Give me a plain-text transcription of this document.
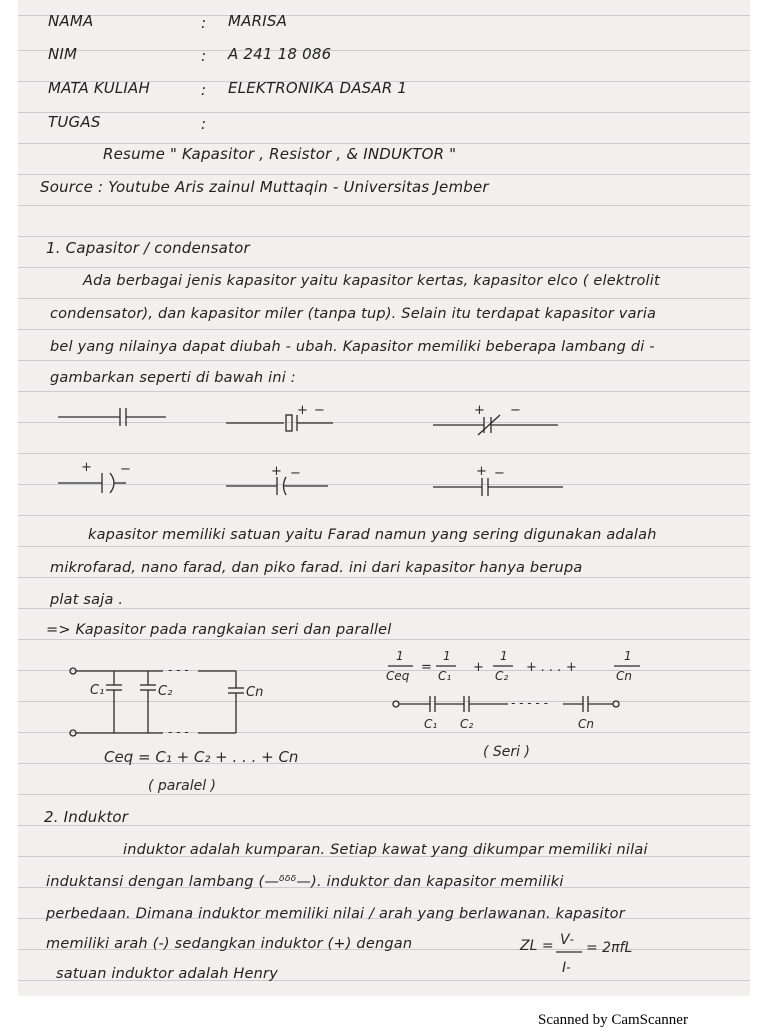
NAMA	: MARISA

NIM	: A 241 18 086

MATA KULIAH	: ELEKTRONIKA DASAR 1

TUGAS	:

Resume " Kapasitor , Resistor , & INDUKTOR "

Source : Youtube Aris zainul Muttaqin - Universitas Jember

1. Capasitor / condensator

Ada berbagai jenis kapasitor yaitu kapasitor kertas, kapasitor elco ( elektrolit

condensator), dan kapasitor miler (tanpa tup). Selain itu terdapat kapasitor varia

bel yang nilainya dapat diubah - ubah. Kapasitor memiliki beberapa lambang di -

gambarkan seperti di bawah ini :

+ −	+ −
+ −	+ −	+ −

kapasitor memiliki satuan yaitu Farad namun yang sering digunakan adalah

mikrofarad, nano farad, dan piko farad. ini dari kapasitor hanya berupa

plat saja .

=> Kapasitor pada rangkaian seri dan parallel

- - -
- - -
C₁	C₂	Cn
Ceq = C₁ + C₂ + . . . + Cn
( paralel )
1
Ceq
=
1
C₁
+
1
C₂
+ . . . +
1
Cn
- - - - -
C₁ C₂	Cn
( Seri )

2. Induktor

induktor adalah kumparan. Setiap kawat yang dikumpar memiliki nilai

induktansi dengan lambang (—ᵟᵟᵟ—). induktor dan kapasitor memiliki

perbedaan. Dimana induktor memiliki nilai / arah yang berlawanan. kapasitor

memiliki arah (-) sedangkan induktor (+) dengan

satuan induktor adalah Henry

ZL = V˗
I˗
= 2πfL

Scanned by CamScanner
